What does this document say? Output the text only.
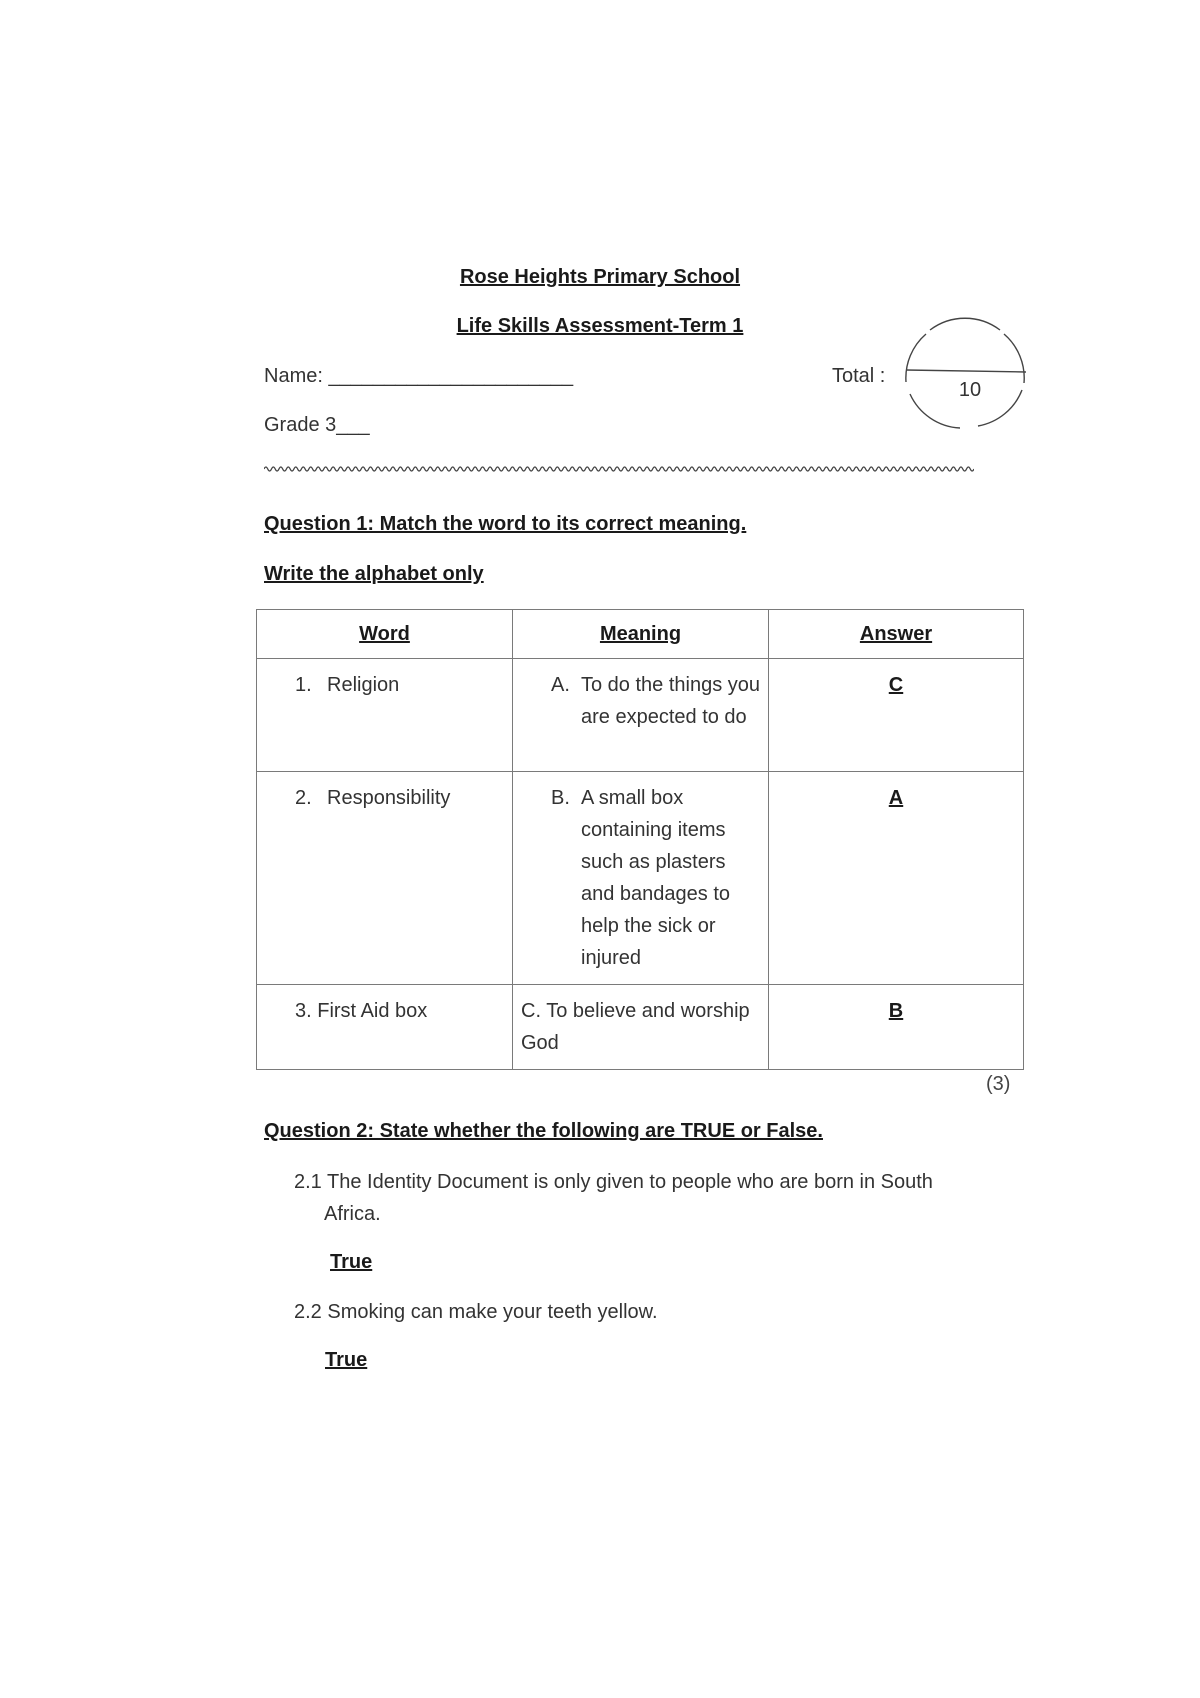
Rose Heights Primary School
Life Skills Assessment-Term 1
Name: ______________________
Grade 3___
Total :
10
Question 1: Match the word to its correct meaning.
Write the alphabet only
Word	Meaning	Answer
1. Religion	A. To do the things you are expected to do	C
2. Responsibility	B. A small box containing items such as plasters and bandages to help the sick or injured	A
3. First Aid box	C. To believe and worship God	B
(3)
Question 2: State whether the following are TRUE or False.
2.1 The Identity Document is only given to people who are born in South
Africa.
True
2.2 Smoking can make your teeth yellow.
True
